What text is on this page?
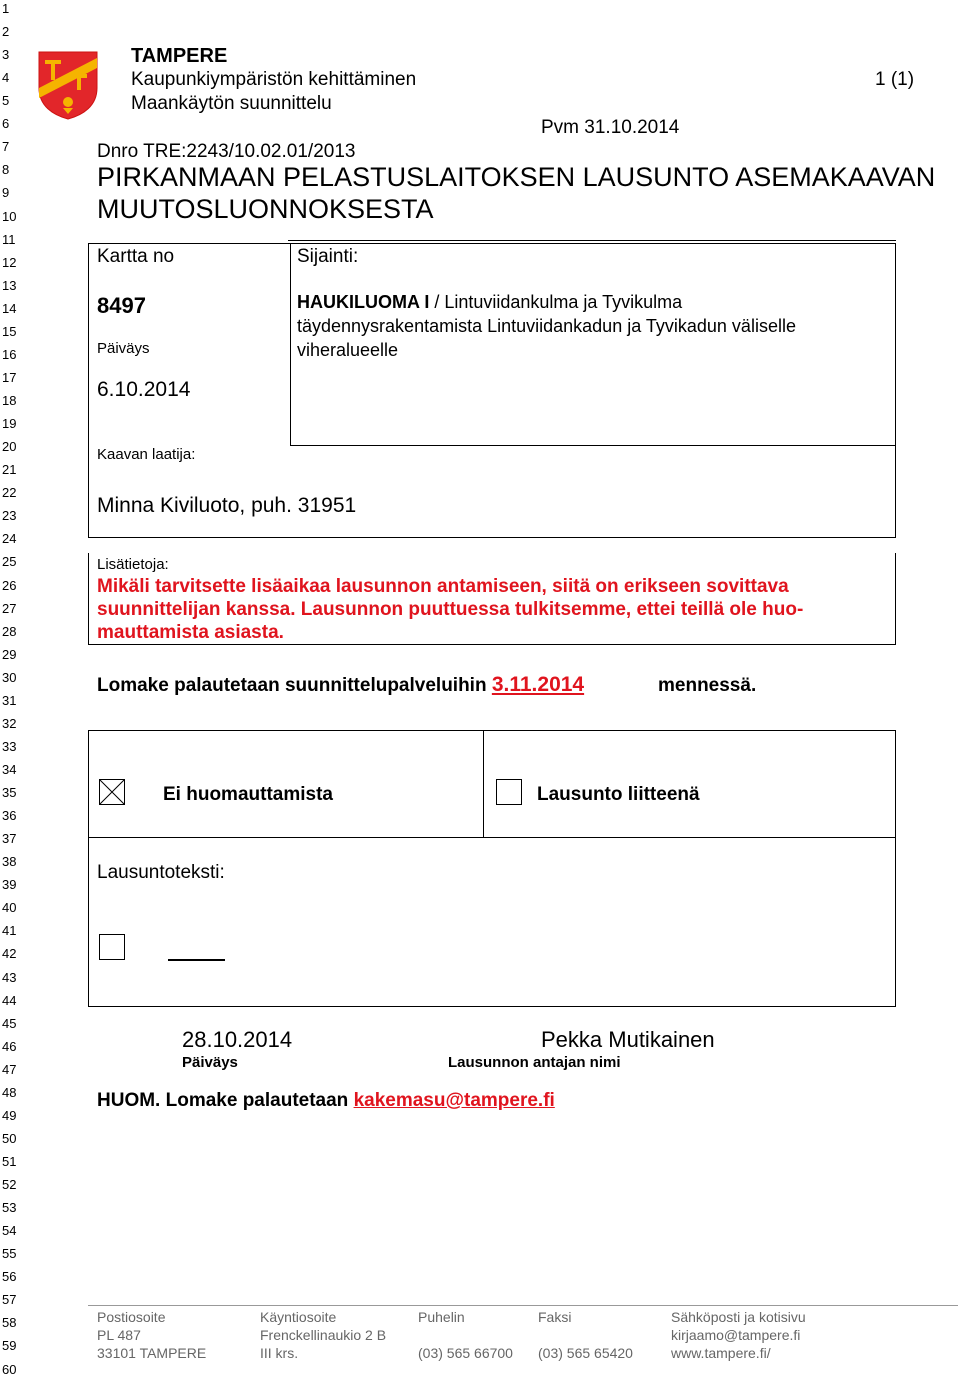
1
2
3
4
5
6
7
8
9
10
11
12
13
14
15
16
17
18
19
20
21
22
23
24
25
26
27
28
29
30
31
32
33
34
35
36
37
38
39
40
41
42
43
44
45
46
47
48
49
50
51
52
53
54
55
56
57
58
59
60
TAMPERE
Kaupunkiympäristön kehittäminen
Maankäytön suunnittelu
1 (1)
Pvm 31.10.2014
Dnro TRE:2243/10.02.01/2013
PIRKANMAAN PELASTUSLAITOKSEN LAUSUNTO ASEMAKAAVAN
MUUTOSLUONNOKSESTA
Kartta no
8497
Päiväys
6.10.2014
Sijainti:
HAUKILUOMA I / Lintuviidankulma ja Tyvikulma
täydennysrakentamista Lintuviidankadun ja Tyvikadun väliselle
viheralueelle
Kaavan laatija:
Minna Kiviluoto, puh. 31951
Lisätietoja:
Mikäli tarvitsette lisäaikaa lausunnon antamiseen, siitä on erikseen sovittava
suunnittelijan kanssa. Lausunnon puuttuessa tulkitsemme, ettei teillä ole huo-
mauttamista asiasta.
Lomake palautetaan suunnittelupalveluihin 3.11.2014	mennessä.
Ei huomauttamista	Lausunto liitteenä
Lausuntoteksti:
28.10.2014
Päiväys
Pekka Mutikainen
Lausunnon antajan nimi
HUOM. Lomake palautetaan kakemasu@tampere.fi
Postiosoite
PL 487
33101 TAMPERE
Käyntiosoite
Frenckellinaukio 2 B
III krs.
Puhelin
(03) 565 66700
Faksi
(03) 565 65420
Sähköposti ja kotisivu
kirjaamo@tampere.fi
www.tampere.fi/
